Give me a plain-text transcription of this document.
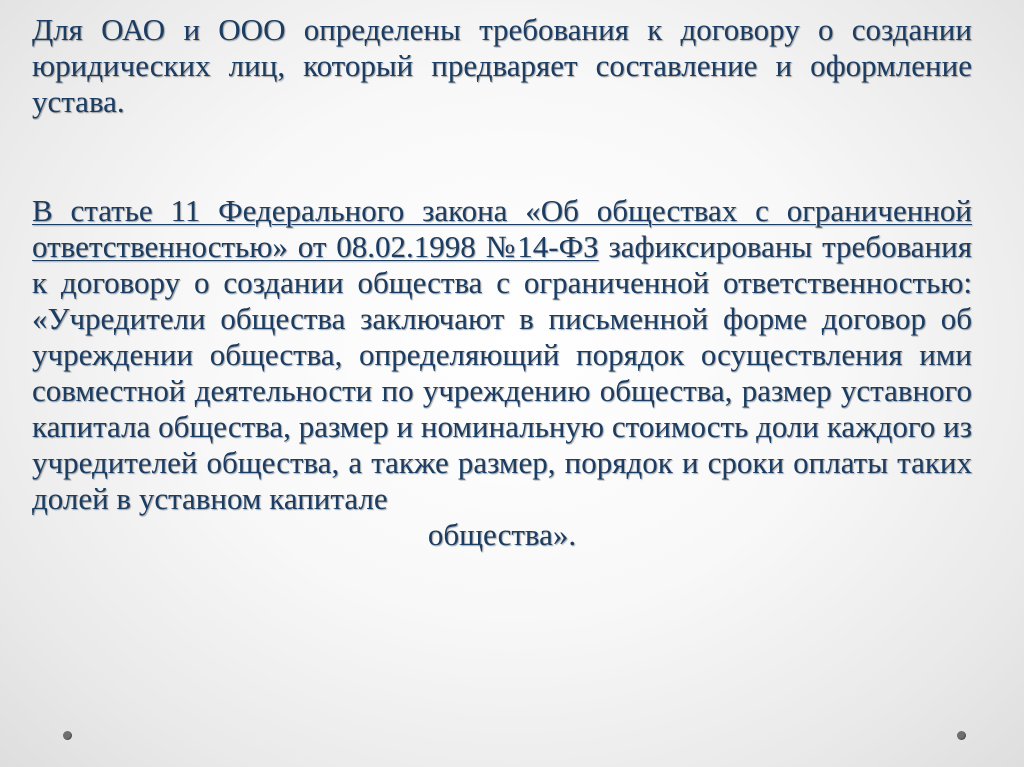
Для ОАО и ООО определены требования к договору о создании юридических лиц, который предваряет составление и оформление устава.

В статье 11 Федерального закона «Об обществах с ограниченной ответственностью» от 08.02.1998 №14-ФЗ зафиксированы требования к договору о создании общества с ограниченной ответственностью: «Учредители общества заключают в письменной форме договор об учреждении общества, определяющий порядок осуществления ими совместной деятельности по учреждению общества, размер уставного капитала общества, размер и номинальную стоимость доли каждого из учредителей общества, а также размер, порядок и сроки оплаты таких долей в уставном капитале
общества».
